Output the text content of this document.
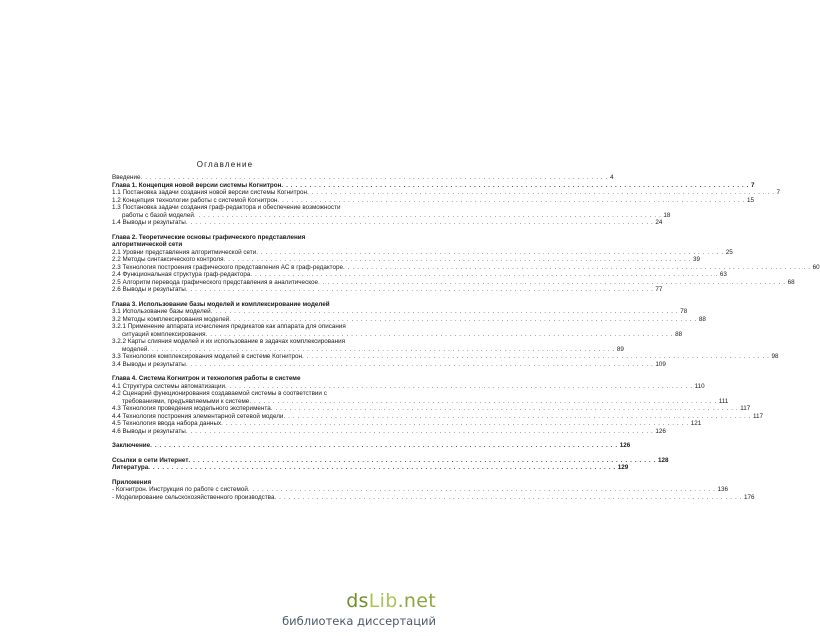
Оглавление
Введение . . .	4
Глава 1. Концепция новой версии системы Когнитрон . . .	7
1.1 Постановка задачи создания новой версии системы Когнитрон . . .	7
1.2 Концепция технологии работы с системой Когнитрон . . .	15
1.3 Постановка задачи создания граф-редактора и обеспечение возможности
работы с базой моделей . . .	18
1.4 Выводы и результаты . . .	24
Глава 2. Теоретические основы графического представления
алгоритмической сети
2.1 Уровни представления алгоритмической сети . . .	25
2.2 Методы синтаксического контроля . . .	39
2.3 Технология построения графического представления АС в граф-редакторе . . .	60
2.4 Функциональная структура граф-редактора . . .	63
2.5 Алгоритм перевода графического представления в аналитическое . . .	68
2.6 Выводы и результаты . . .	77
Глава 3. Использование базы моделей и комплексирование моделей
3.1 Использование базы моделей . . .	78
3.2 Методы комплексирования моделей . . .	88
3.2.1 Применение аппарата исчисления предикатов как аппарата для описания
ситуаций комплексирования . . .	88
3.2.2 Карты слияния моделей и их использование в задачах комплексирования
моделей . . .	89
3.3 Технология комплексирования моделей в системе Когнитрон . . .	98
3.4 Выводы и результаты . . .	109
Глава 4. Система Когнитрон и технология работы в системе
4.1 Структура системы автоматизации . . .	110
4.2 Сценарий функционирования создаваемой системы в соответствии с
требованиями, предъявляемыми к системе . . .	111
4.3 Технология проведения модельного эксперимента . . .	117
4.4 Технология построения элементарной сетевой модели . . .	117
4.5 Технология ввода набора данных . . .	121
4.6 Выводы и результаты . . .	126
Заключение . . .	126
Ссылки в сети Интернет . . .	128
Литература . . .	129
Приложения
- Когнитрон. Инструкция по работе с системой . . .	136
- Моделирование сельскохозяйственного производства . . .	176
dsLib.net
библиотека диссертаций
